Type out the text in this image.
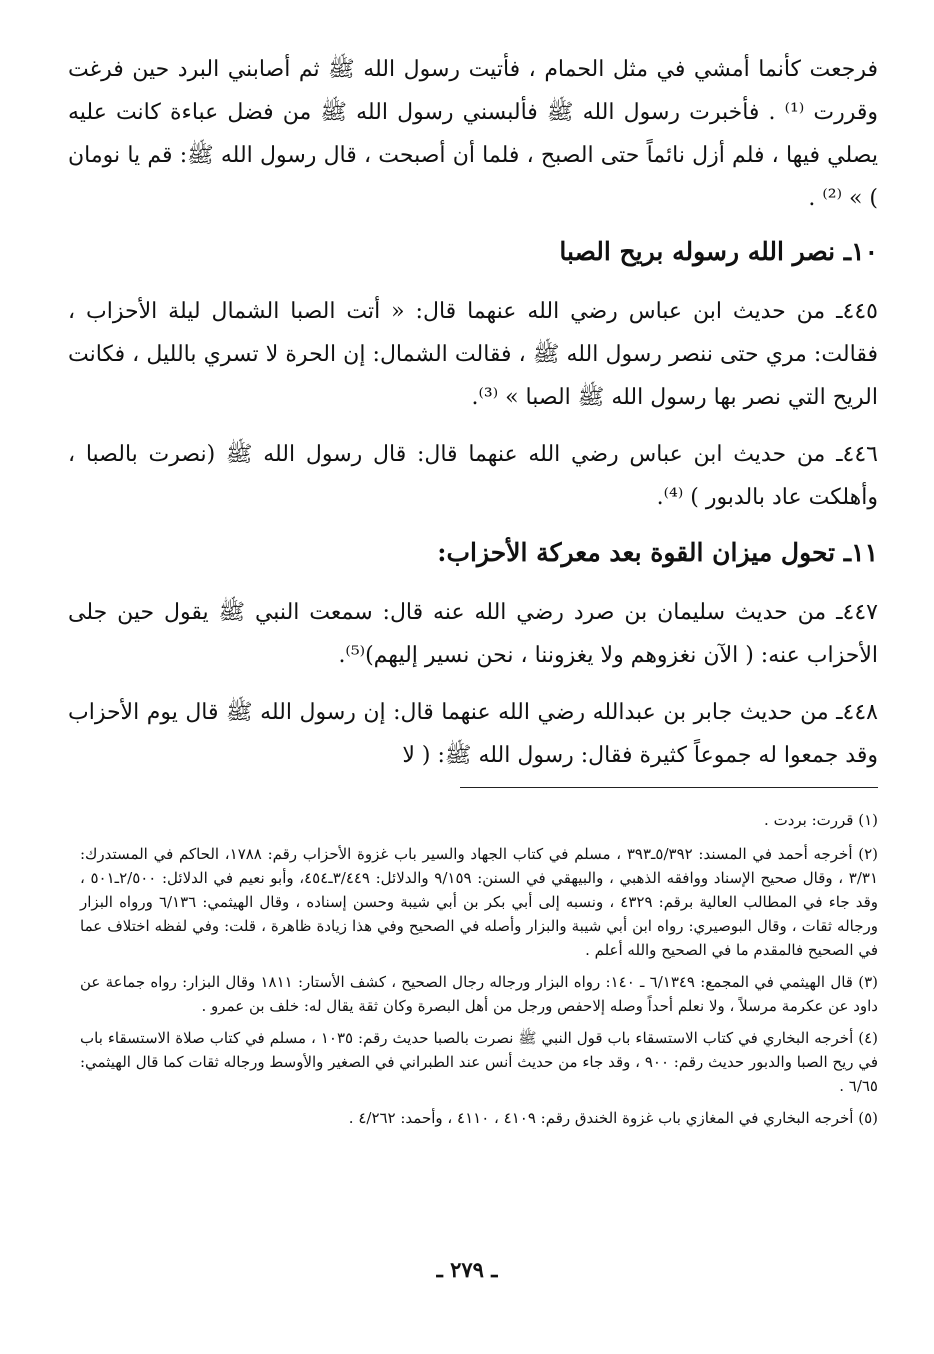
فرجعت كأنما أمشي في مثل الحمام ، فأتيت رسول الله ﷺ ثم أصابني البرد حين فرغت وقررت ⁽¹⁾ . فأخبرت رسول الله ﷺ فألبسني رسول الله ﷺ من فضل عباءة كانت عليه يصلي فيها ، فلم أزل نائماً حتى الصبح ، فلما أن أصبحت ، قال رسول الله ﷺ: قم يا نومان ) » ⁽²⁾ .

١٠ـ نصر الله رسوله بريح الصبا

٤٤٥ـ من حديث ابن عباس رضي الله عنهما قال: « أتت الصبا الشمال ليلة الأحزاب ، فقالت: مري حتى ننصر رسول الله ﷺ ، فقالت الشمال: إن الحرة لا تسري بالليل ، فكانت الريح التي نصر بها رسول الله ﷺ الصبا » ⁽³⁾.

٤٤٦ـ من حديث ابن عباس رضي الله عنهما قال: قال رسول الله ﷺ (نصرت بالصبا ، وأهلكت عاد بالدبور ) ⁽⁴⁾.

١١ـ تحول ميزان القوة بعد معركة الأحزاب:

٤٤٧ـ من حديث سليمان بن صرد رضي الله عنه قال: سمعت النبي ﷺ يقول حين جلى الأحزاب عنه: ( الآن نغزوهم ولا يغزوننا ، نحن نسير إليهم)⁽⁵⁾.

٤٤٨ـ من حديث جابر بن عبدالله رضي الله عنهما قال: إن رسول الله ﷺ قال يوم الأحزاب وقد جمعوا له جموعاً كثيرة فقال: رسول الله ﷺ: ( لا

(١) قررت: بردت .

(٢) أخرجه أحمد في المسند: ٥/٣٩٢ـ٣٩٣ ، مسلم في كتاب الجهاد والسير باب غزوة الأحزاب رقم: ١٧٨٨، الحاكم في المستدرك: ٣/٣١ ، وقال صحيح الإسناد ووافقه الذهبي ، والبيهقي في السنن: ٩/١٥٩ والدلائل: ٣/٤٤٩ـ٤٥٤، وأبو نعيم في الدلائل: ٢/٥٠٠ـ٥٠١ ، وقد جاء في المطالب العالية برقم: ٤٣٢٩ ، ونسبه إلى أبي بكر بن أبي شيبة وحسن إسناده ، وقال الهيثمي: ٦/١٣٦ ورواه البزار ورجاله ثقات ، وقال البوصيري: رواه ابن أبي شيبة والبزار وأصله في الصحيح وفي هذا زيادة ظاهرة ، قلت: وفي لفظه اختلاف عما في الصحيح فالمقدم ما في الصحيح والله أعلم .

(٣) قال الهيثمي في المجمع: ٦/١٣٤٩ ـ ١٤٠: رواه البزار ورجاله رجال الصحيح ، كشف الأستار: ١٨١١ وقال البزار: رواه جماعة عن داود عن عكرمة مرسلاً ، ولا نعلم أحداً وصله إلاحفص ورجل من أهل البصرة وكان ثقة يقال له: خلف بن عمرو .

(٤) أخرجه البخاري في كتاب الاستسقاء باب قول النبي ﷺ نصرت بالصبا حديث رقم: ١٠٣٥ ، مسلم في كتاب صلاة الاستسقاء باب في ريح الصبا والدبور حديث رقم: ٩٠٠ ، وقد جاء من حديث أنس عند الطبراني في الصغير والأوسط ورجاله ثقات كما قال الهيثمي: ٦/٦٥ .

(٥) أخرجه البخاري في المغازي باب غزوة الخندق رقم: ٤١٠٩ ، ٤١١٠ ، وأحمد: ٤/٢٦٢ .

ـ ٢٧٩ ـ
